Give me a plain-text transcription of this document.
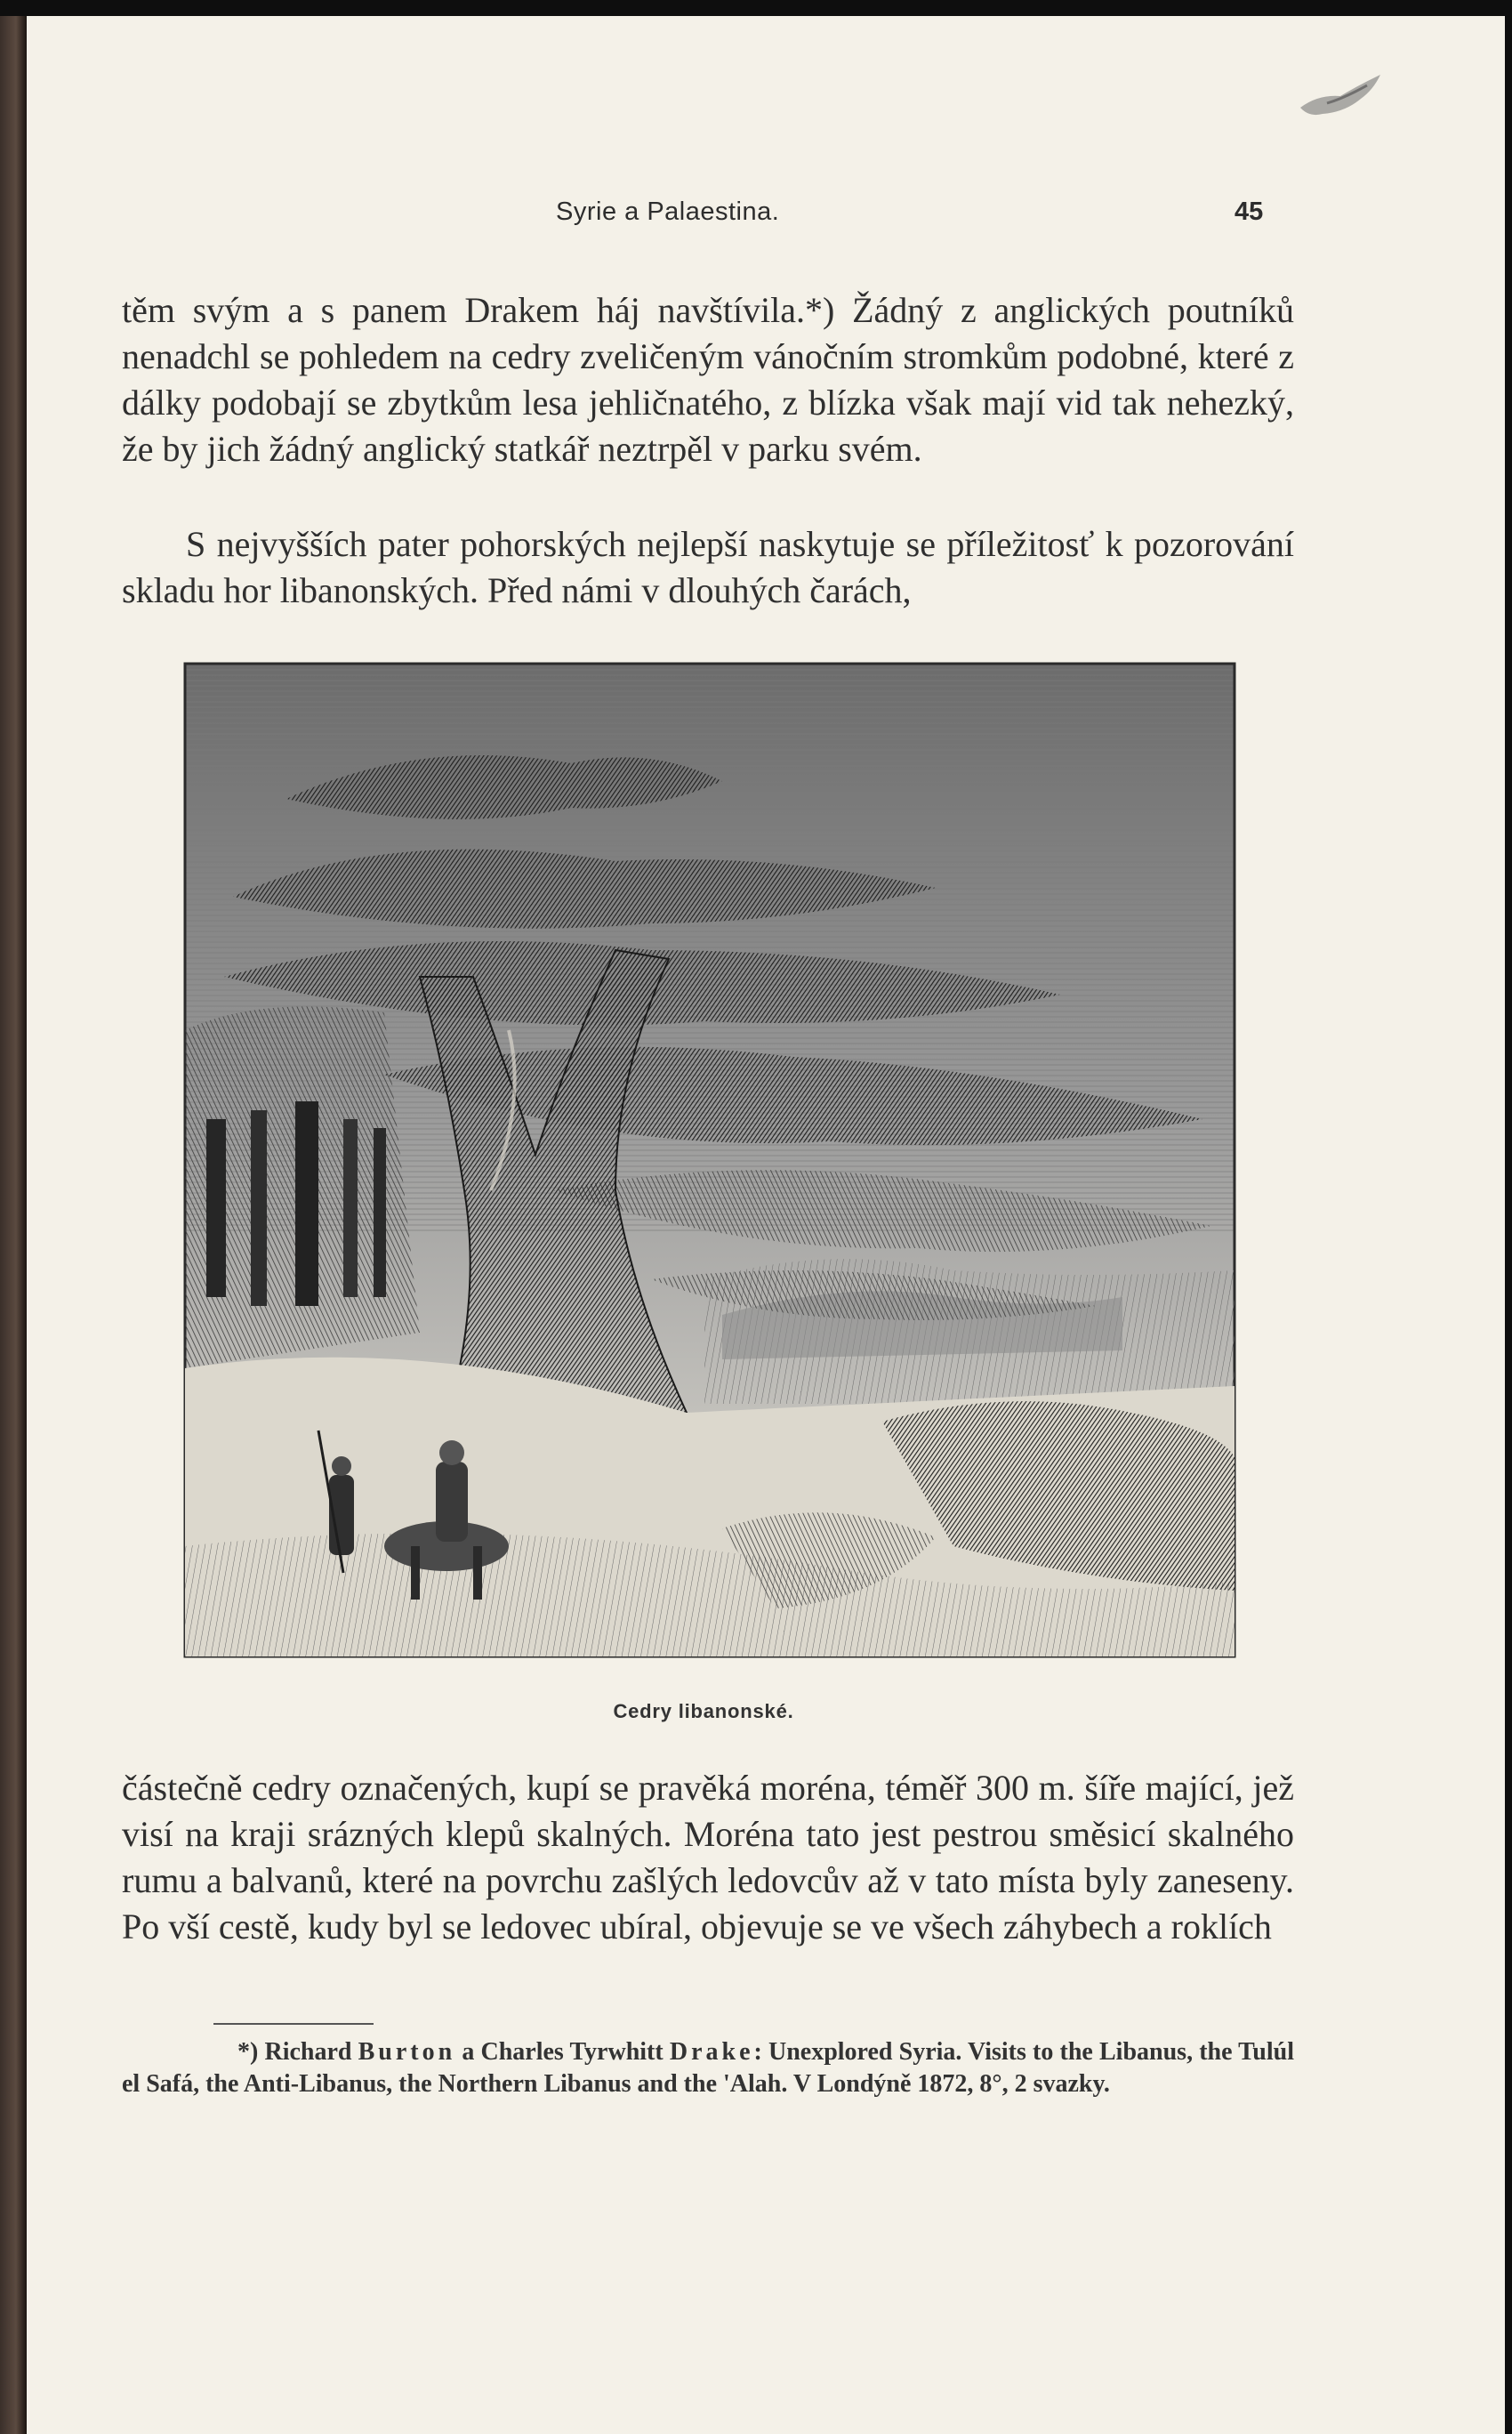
Syrie a Palaestina.	45

těm svým a s panem Drakem háj navštívila.*) Žádný z anglických poutníků nenadchl se pohledem na cedry zveličeným vánočním stromkům podobné, které z dálky podobají se zbytkům lesa jehličnatého, z blízka však mají vid tak nehezký, že by jich žádný anglický statkář neztrpěl v parku svém.

S nejvyšších pater pohorských nejlepší naskytuje se příležitosť k pozorování skladu hor libanonských. Před námi v dlouhých čarách,

Cedry libanonské.

částečně cedry označených, kupí se pravěká moréna, téměř 300 m. šíře mající, jež visí na kraji srázných klepů skalných. Moréna tato jest pestrou směsicí skalného rumu a balvanů, které na povrchu zašlých ledovcův až v tato místa byly zaneseny. Po vší cestě, kudy byl se ledovec ubíral, objevuje se ve všech záhybech a roklích

*) Richard Burton a Charles Tyrwhitt Drake: Unexplored Syria. Visits to the Libanus, the Tulúl el Safá, the Anti-Libanus, the Northern Libanus and the 'Alah. V Londýně 1872, 8°, 2 svazky.
